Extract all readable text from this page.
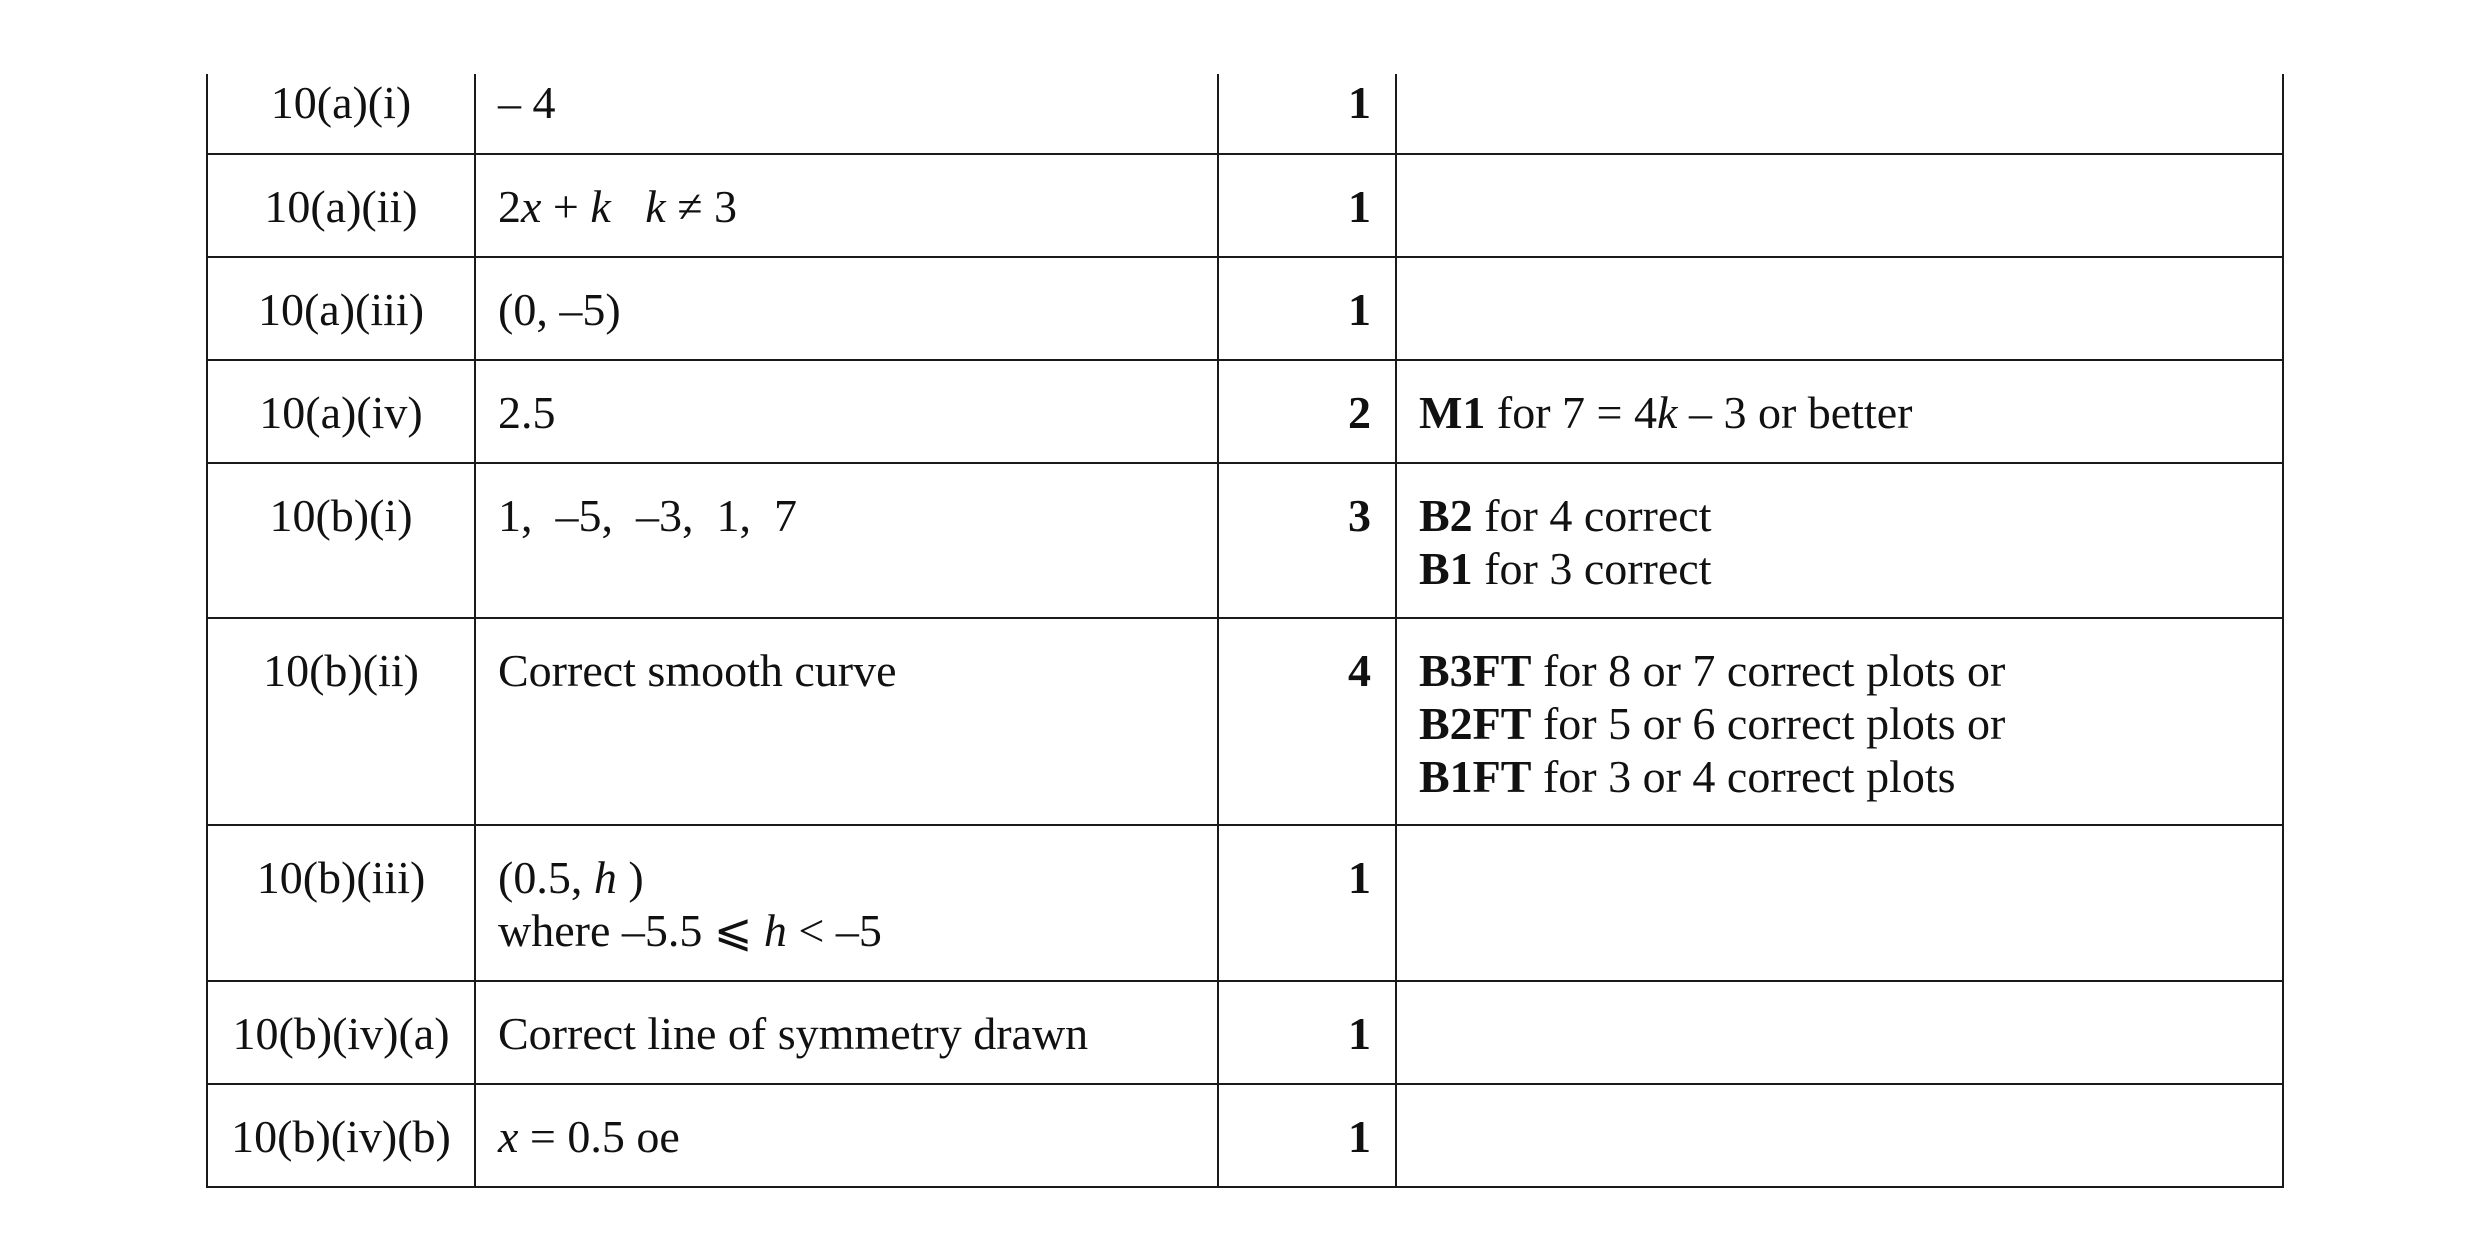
10(a)(i)	– 4	1	
10(a)(ii)	2x + k k ≠ 3	1	
10(a)(iii)	(0, –5)	1	
10(a)(iv)	2.5	2	M1 for 7 = 4k – 3 or better
10(b)(i)	1,  –5,  –3,  1,  7	3	B2 for 4 correct
B1 for 3 correct
10(b)(ii)	Correct smooth curve	4	B3FT for 8 or 7 correct plots or
B2FT for 5 or 6 correct plots or
B1FT for 3 or 4 correct plots
10(b)(iii)	(0.5, h )
where –5.5 ⩽ h < –5	1	
10(b)(iv)(a)	Correct line of symmetry drawn	1	
10(b)(iv)(b)	x = 0.5 oe	1	
